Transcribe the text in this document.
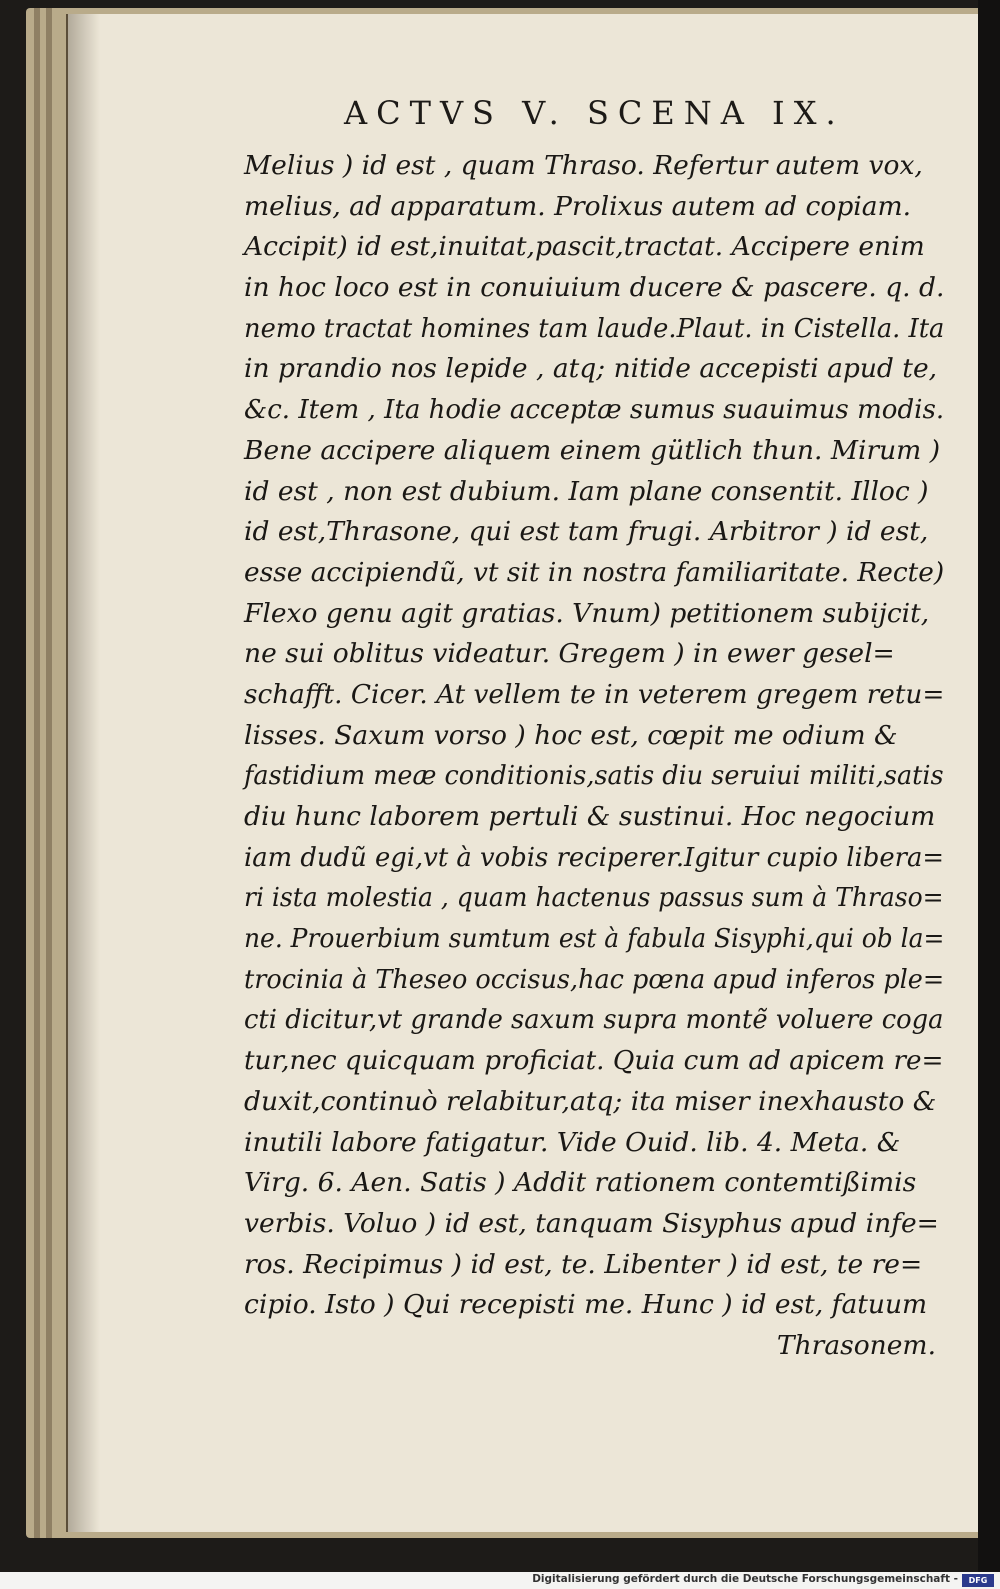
ACTVS V. SCENA IX.
Melius ) id est , quam Thraso. Refertur autem vox,
melius, ad apparatum. Prolixus autem ad copiam.
Accipit) id est,inuitat,pascit,tractat. Accipere enim
in hoc loco est in conuiuium ducere & pascere. q. d.
nemo tractat homines tam laude.Plaut. in Cistella. Ita
in prandio nos lepide , atq; nitide accepisti apud te,
&c. Item , Ita hodie acceptæ sumus suauimus modis.
Bene accipere aliquem einem gütlich thun. Mirum )
id est , non est dubium. Iam plane consentit. Illoc )
id est,Thrasone, qui est tam frugi. Arbitror ) id est,
esse accipiendũ, vt sit in nostra familiaritate. Recte)
Flexo genu agit gratias. Vnum) petitionem subijcit,
ne sui oblitus videatur. Gregem ) in ewer gesel=
schafft. Cicer. At vellem te in veterem gregem retu=
lisses. Saxum vorso ) hoc est, cœpit me odium &
fastidium meæ conditionis,satis diu seruiui militi,satis
diu hunc laborem pertuli & sustinui. Hoc negocium
iam dudũ egi,vt à vobis reciperer.Igitur cupio libera=
ri ista molestia , quam hactenus passus sum à Thraso=
ne. Prouerbium sumtum est à fabula Sisyphi,qui ob la=
trocinia à Theseo occisus,hac pœna apud inferos ple=
cti dicitur,vt grande saxum supra montẽ voluere coga
tur,nec quicquam proficiat. Quia cum ad apicem re=
duxit,continuò relabitur,atq; ita miser inexhausto &
inutili labore fatigatur. Vide Ouid. lib. 4. Meta. &
Virg. 6. Aen. Satis ) Addit rationem contemtißimis
verbis. Voluo ) id est, tanquam Sisyphus apud infe=
ros. Recipimus ) id est, te. Libenter ) id est, te re=
cipio. Isto ) Qui recepisti me. Hunc ) id est, fatuum
Thrasonem.
Digitalisierung gefördert durch die Deutsche Forschungsgemeinschaft -	DFG
